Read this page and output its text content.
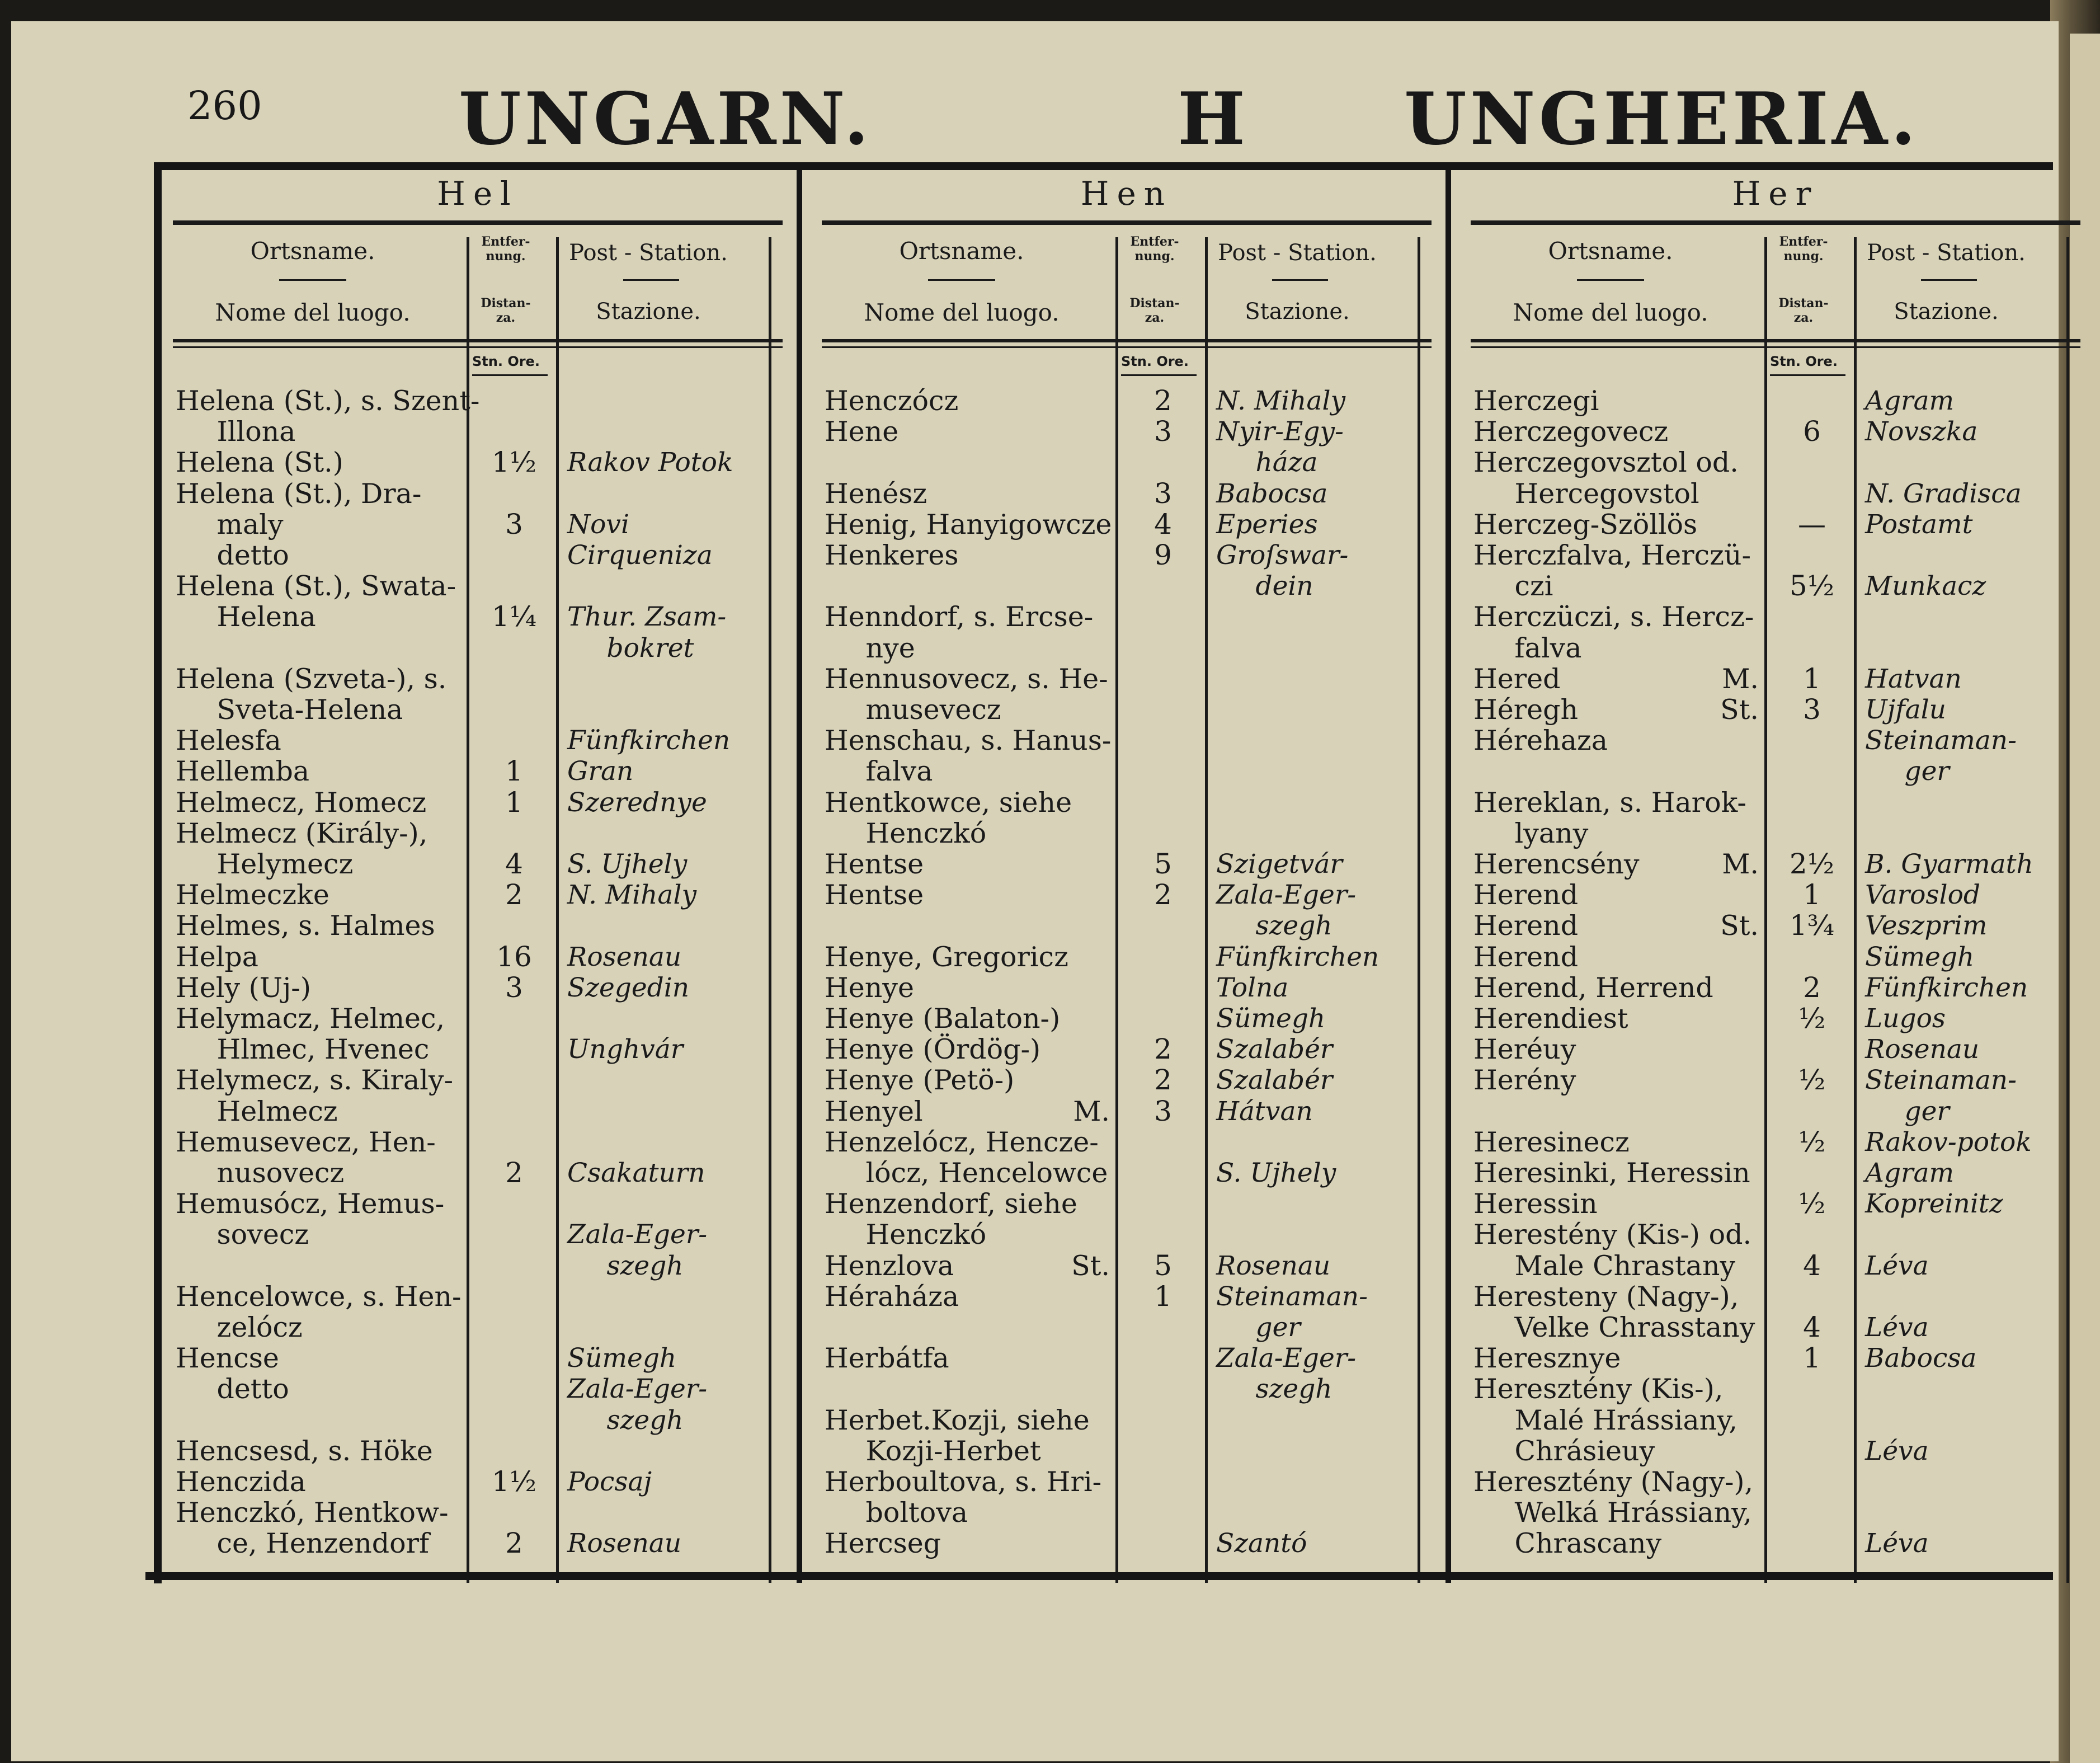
260	UNGARN.	H UNGHERIA.
Hel
Ortsname.
Nome del luogo.
Entfer-nung.
Distan-za.
Post - Station.
Stazione.
Stn. Ore.
Helena (St.), s. Szent-
  Illona
Helena (St.)	1½	Rakov Potok
Helena (St.), Dra-
  maly	3	Novi
  detto	Cirqueniza
Helena (St.), Swata-
  Helena	1¼	Thur. Zsam-
  bokret
Helena (Szveta-), s.
  Sveta-Helena
Helesfa	Fünfkirchen
Hellemba	1	Gran
Helmecz, Homecz	1	Szerednye
Helmecz (Király-),
  Helymecz	4	S. Ujhely
Helmeczke	2	N. Mihaly
Helmes, s. Halmes
Helpa	16	Rosenau
Hely (Uj-)	3	Szegedin
Helymacz, Helmec,
  Hlmec, Hvenec	Unghvár
Helymecz, s. Kiraly-
  Helmecz
Hemusevecz, Hen-
  nusovecz	2	Csakaturn
Hemusócz, Hemus-
  sovecz	Zala-Eger-
  szegh
Hencelowce, s. Hen-
  zelócz
Hencse	Sümegh
  detto	Zala-Eger-
  szegh
Hencsesd, s. Höke
Henczida	1½	Pocsaj
Henczkó, Hentkow-
  ce, Henzendorf	2	Rosenau
Hen
Ortsname.
Nome del luogo.
Entfer-nung.
Distan-za.
Post - Station.
Stazione.
Stn. Ore.
Henczócz	2	N. Mihaly
Hene	3	Nyir-Egy-
  háza
Henész	3	Babocsa
Henig, Hanyigowcze	4	Eperies
Henkeres	9	Groſswar-
  dein
Henndorf, s. Ercse-
  nye
Hennusovecz, s. He-
  musevecz
Henschau, s. Hanus-
  falva
Hentkowce, siehe
  Henczkó
Hentse	5	Szigetvár
Hentse	2	Zala-Eger-
  szegh
Henye, Gregoricz	Fünfkirchen
Henye	Tolna
Henye (Balaton-)	Sümegh
Henye (Ördög-)	2	Szalabér
Henye (Petö-)	2	Szalabér
Henyel	M.	3	Hátvan
Henzelócz, Hencze-
  lócz, Hencelowce	S. Ujhely
Henzendorf, siehe
  Henczkó
Henzlova	St.	5	Rosenau
Héraháza	1	Steinaman-
  ger
Herbátfa	Zala-Eger-
  szegh
Herbet.Kozji, siehe
  Kozji-Herbet
Herboultova, s. Hri-
  boltova
Hercseg	Szantó
Her
Ortsname.
Nome del luogo.
Entfer-nung.
Distan-za.
Post - Station.
Stazione.
Stn. Ore.
Herczegi	Agram
Herczegovecz	6	Novszka
Herczegovsztol od.
  Hercegovstol	N. Gradisca
Herczeg-Szöllös	—	Postamt
Herczfalva, Herczü-
  czi	5½	Munkacz
Herczüczi, s. Hercz-
  falva
Hered	M.	1	Hatvan
Héregh	St.	3	Ujfalu
Hérehaza	Steinaman-
  ger
Hereklan, s. Harok-
  lyany
Herencsény	M.	2½	B. Gyarmath
Herend	1	Varoslod
Herend	St.	1¾	Veszprim
Herend	Sümegh
Herend, Herrend	2	Fünfkirchen
Herendiest	½	Lugos
Heréuy	Rosenau
Herény	½	Steinaman-
  ger
Heresinecz	½	Rakov-potok
Heresinki, Heressin	Agram
Heressin	½	Kopreinitz
Herestény (Kis-) od.
  Male Chrastany	4	Léva
Heresteny (Nagy-),
  Velke Chrasstany	4	Léva
Heresznye	1	Babocsa
Heresztény (Kis-),
  Malé Hrássiany,
  Chrásieuy	Léva
Heresztény (Nagy-),
  Welká Hrássiany,
  Chrascany	Léva
